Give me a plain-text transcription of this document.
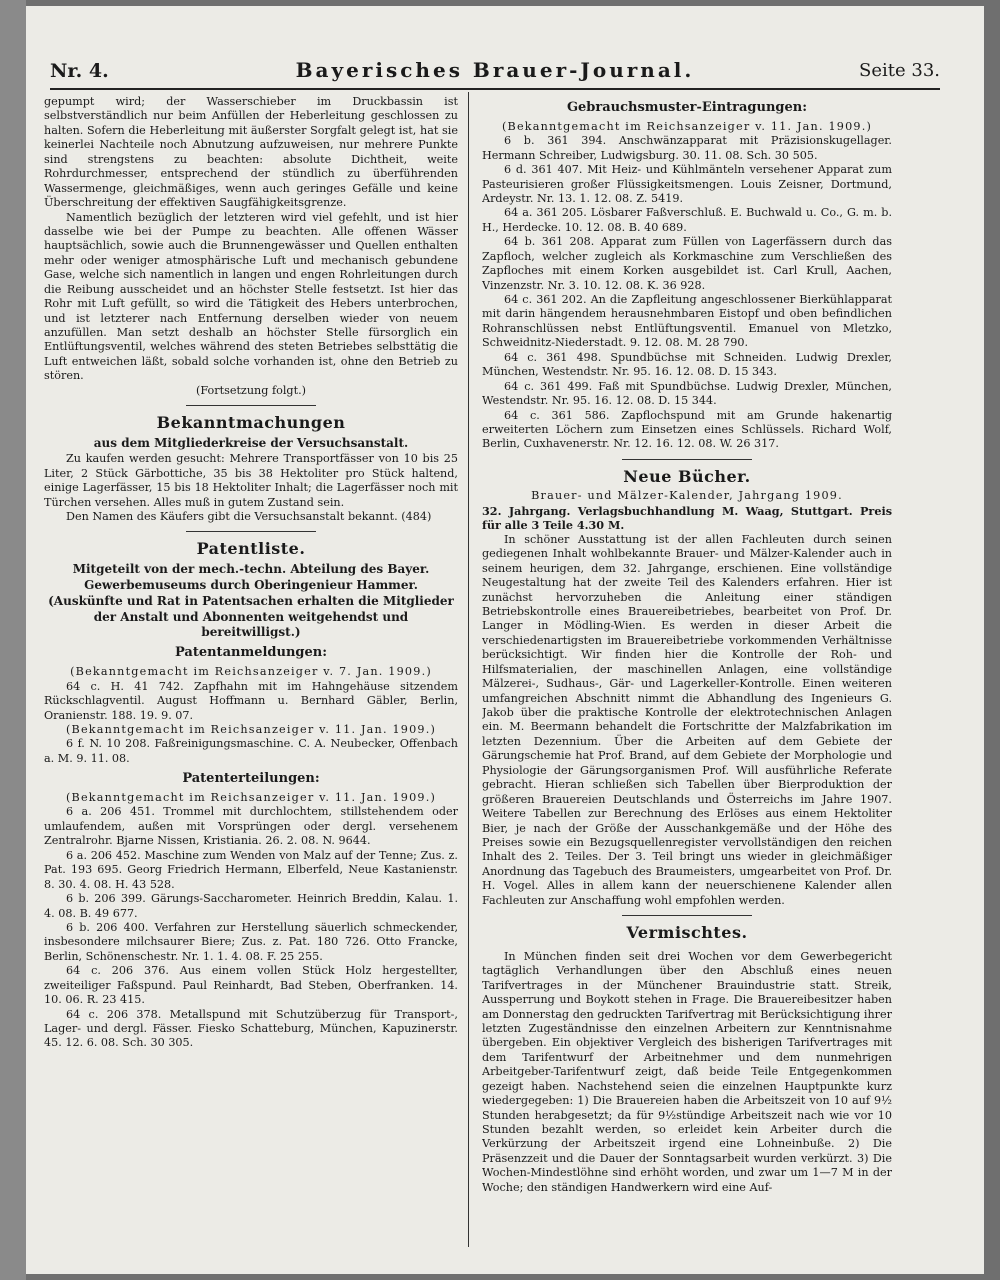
Nr. 4.	Bayerisches Brauer-Journal.	Seite 33.

gepumpt wird; der Wasserschieber im Druckbassin ist selbstverständlich nur beim Anfüllen der Heberleitung geschlossen zu halten. Sofern die Heberleitung mit äußerster Sorgfalt gelegt ist, hat sie keinerlei Nachteile noch Abnutzung aufzuweisen, nur mehrere Punkte sind strengstens zu beachten: absolute Dichtheit, weite Rohrdurchmesser, entsprechend der stündlich zu überführenden Wassermenge, gleichmäßiges, wenn auch geringes Gefälle und keine Überschreitung der effektiven Saugfähigkeitsgrenze.

Namentlich bezüglich der letzteren wird viel gefehlt, und ist hier dasselbe wie bei der Pumpe zu beachten. Alle offenen Wässer hauptsächlich, sowie auch die Brunnengewässer und Quellen enthalten mehr oder weniger atmosphärische Luft und mechanisch gebundene Gase, welche sich namentlich in langen und engen Rohrleitungen durch die Reibung ausscheidet und an höchster Stelle festsetzt. Ist hier das Rohr mit Luft gefüllt, so wird die Tätigkeit des Hebers unterbrochen, und ist letzterer nach Entfernung derselben wieder von neuem anzufüllen. Man setzt deshalb an höchster Stelle fürsorglich ein Entlüftungsventil, welches während des steten Betriebes selbsttätig die Luft entweichen läßt, sobald solche vorhanden ist, ohne den Betrieb zu stören.

(Fortsetzung folgt.)

Bekanntmachungen
aus dem Mitgliederkreise der Versuchsanstalt.

Zu kaufen werden gesucht: Mehrere Transportfässer von 10 bis 25 Liter, 2 Stück Gärbottiche, 35 bis 38 Hektoliter pro Stück haltend, einige Lagerfässer, 15 bis 18 Hektoliter Inhalt; die Lagerfässer noch mit Türchen versehen. Alles muß in gutem Zustand sein.

Den Namen des Käufers gibt die Versuchsanstalt bekannt. (484)

Patentliste.
Mitgeteilt von der mech.-techn. Abteilung des Bayer. Gewerbemuseums durch Oberingenieur Hammer.
(Auskünfte und Rat in Patentsachen erhalten die Mitglieder der Anstalt und Abonnenten weitgehendst und bereitwilligst.)
Patentanmeldungen:

(Bekanntgemacht im Reichsanzeiger v. 7. Jan. 1909.)

64 c. H. 41 742. Zapfhahn mit im Hahngehäuse sitzendem Rückschlagventil. August Hoffmann u. Bernhard Gäbler, Berlin, Oranienstr. 188. 19. 9. 07.

(Bekanntgemacht im Reichsanzeiger v. 11. Jan. 1909.)

6 f. N. 10 208. Faßreinigungsmaschine. C. A. Neubecker, Offenbach a. M. 9. 11. 08.

Patenterteilungen:

(Bekanntgemacht im Reichsanzeiger v. 11. Jan. 1909.)

6 a. 206 451. Trommel mit durchlochtem, stillstehendem oder umlaufendem, außen mit Vorsprüngen oder dergl. versehenem Zentralrohr. Bjarne Nissen, Kristiania. 26. 2. 08. N. 9644.

6 a. 206 452. Maschine zum Wenden von Malz auf der Tenne; Zus. z. Pat. 193 695. Georg Friedrich Hermann, Elberfeld, Neue Kastanienstr. 8. 30. 4. 08. H. 43 528.

6 b. 206 399. Gärungs-Saccharometer. Heinrich Breddin, Kalau. 1. 4. 08. B. 49 677.

6 b. 206 400. Verfahren zur Herstellung säuerlich schmeckender, insbesondere milchsaurer Biere; Zus. z. Pat. 180 726. Otto Francke, Berlin, Schönenschestr. Nr. 1. 1. 4. 08. F. 25 255.

64 c. 206 376. Aus einem vollen Stück Holz hergestellter, zweiteiliger Faßspund. Paul Reinhardt, Bad Steben, Oberfranken. 14. 10. 06. R. 23 415.

64 c. 206 378. Metallspund mit Schutzüberzug für Transport-, Lager- und dergl. Fässer. Fiesko Schatteburg, München, Kapuzinerstr. 45. 12. 6. 08. Sch. 30 305.

Gebrauchsmuster-Eintragungen:

(Bekanntgemacht im Reichsanzeiger v. 11. Jan. 1909.)

6 b. 361 394. Anschwänzapparat mit Präzisionskugellager. Hermann Schreiber, Ludwigsburg. 30. 11. 08. Sch. 30 505.

6 d. 361 407. Mit Heiz- und Kühlmänteln versehener Apparat zum Pasteurisieren großer Flüssigkeitsmengen. Louis Zeisner, Dortmund, Ardeystr. Nr. 13. 1. 12. 08. Z. 5419.

64 a. 361 205. Lösbarer Faßverschluß. E. Buchwald u. Co., G. m. b. H., Herdecke. 10. 12. 08. B. 40 689.

64 b. 361 208. Apparat zum Füllen von Lagerfässern durch das Zapfloch, welcher zugleich als Korkmaschine zum Verschließen des Zapfloches mit einem Korken ausgebildet ist. Carl Krull, Aachen, Vinzenzstr. Nr. 3. 10. 12. 08. K. 36 928.

64 c. 361 202. An die Zapfleitung angeschlossener Bierkühlapparat mit darin hängendem herausnehmbaren Eistopf und oben befindlichen Rohranschlüssen nebst Entlüftungsventil. Emanuel von Mletzko, Schweidnitz-Niederstadt. 9. 12. 08. M. 28 790.

64 c. 361 498. Spundbüchse mit Schneiden. Ludwig Drexler, München, Westendstr. Nr. 95. 16. 12. 08. D. 15 343.

64 c. 361 499. Faß mit Spundbüchse. Ludwig Drexler, München, Westendstr. Nr. 95. 16. 12. 08. D. 15 344.

64 c. 361 586. Zapflochspund mit am Grunde hakenartig erweiterten Löchern zum Einsetzen eines Schlüssels. Richard Wolf, Berlin, Cuxhavenerstr. Nr. 12. 16. 12. 08. W. 26 317.

Neue Bücher.

Brauer- und Mälzer-Kalender, Jahrgang 1909.

32. Jahrgang. Verlagsbuchhandlung M. Waag, Stuttgart. Preis für alle 3 Teile 4.30 M.

In schöner Ausstattung ist der allen Fachleuten durch seinen gediegenen Inhalt wohlbekannte Brauer- und Mälzer-Kalender auch in seinem heurigen, dem 32. Jahrgange, erschienen. Eine vollständige Neugestaltung hat der zweite Teil des Kalenders erfahren. Hier ist zunächst hervorzuheben die Anleitung einer ständigen Betriebskontrolle eines Brauereibetriebes, bearbeitet von Prof. Dr. Langer in Mödling-Wien. Es werden in dieser Arbeit die verschiedenartigsten im Brauereibetriebe vorkommenden Verhältnisse berücksichtigt. Wir finden hier die Kontrolle der Roh- und Hilfsmaterialien, der maschinellen Anlagen, eine vollständige Mälzerei-, Sudhaus-, Gär- und Lagerkeller-Kontrolle. Einen weiteren umfangreichen Abschnitt nimmt die Abhandlung des Ingenieurs G. Jakob über die praktische Kontrolle der elektrotechnischen Anlagen ein. M. Beermann behandelt die Fortschritte der Malzfabrikation im letzten Dezennium. Über die Arbeiten auf dem Gebiete der Gärungschemie hat Prof. Brand, auf dem Gebiete der Morphologie und Physiologie der Gärungsorganismen Prof. Will ausführliche Referate gebracht. Hieran schließen sich Tabellen über Bierproduktion der größeren Brauereien Deutschlands und Österreichs im Jahre 1907. Weitere Tabellen zur Berechnung des Erlöses aus einem Hektoliter Bier, je nach der Größe der Ausschankgemäße und der Höhe des Preises sowie ein Bezugsquellenregister vervollständigen den reichen Inhalt des 2. Teiles. Der 3. Teil bringt uns wieder in gleichmäßiger Anordnung das Tagebuch des Braumeisters, umgearbeitet von Prof. Dr. H. Vogel. Alles in allem kann der neuerschienene Kalender allen Fachleuten zur Anschaffung wohl empfohlen werden.

Vermischtes.

In München finden seit drei Wochen vor dem Gewerbegericht tagtäglich Verhandlungen über den Abschluß eines neuen Tarifvertrages in der Münchener Brauindustrie statt. Streik, Aussperrung und Boykott stehen in Frage. Die Brauereibesitzer haben am Donnerstag den gedruckten Tarifvertrag mit Berücksichtigung ihrer letzten Zugeständnisse den einzelnen Arbeitern zur Kenntnisnahme übergeben. Ein objektiver Vergleich des bisherigen Tarifvertrages mit dem Tarifentwurf der Arbeitnehmer und dem nunmehrigen Arbeitgeber-Tarifentwurf zeigt, daß beide Teile Entgegenkommen gezeigt haben. Nachstehend seien die einzelnen Hauptpunkte kurz wiedergegeben: 1) Die Brauereien haben die Arbeitszeit von 10 auf 9½ Stunden herabgesetzt; da für 9½stündige Arbeitszeit nach wie vor 10 Stunden bezahlt werden, so erleidet kein Arbeiter durch die Verkürzung der Arbeitszeit irgend eine Lohneinbuße. 2) Die Präsenzzeit und die Dauer der Sonntagsarbeit wurden verkürzt. 3) Die Wochen-Mindestlöhne sind erhöht worden, und zwar um 1—7 M in der Woche; den ständigen Handwerkern wird eine Auf-
